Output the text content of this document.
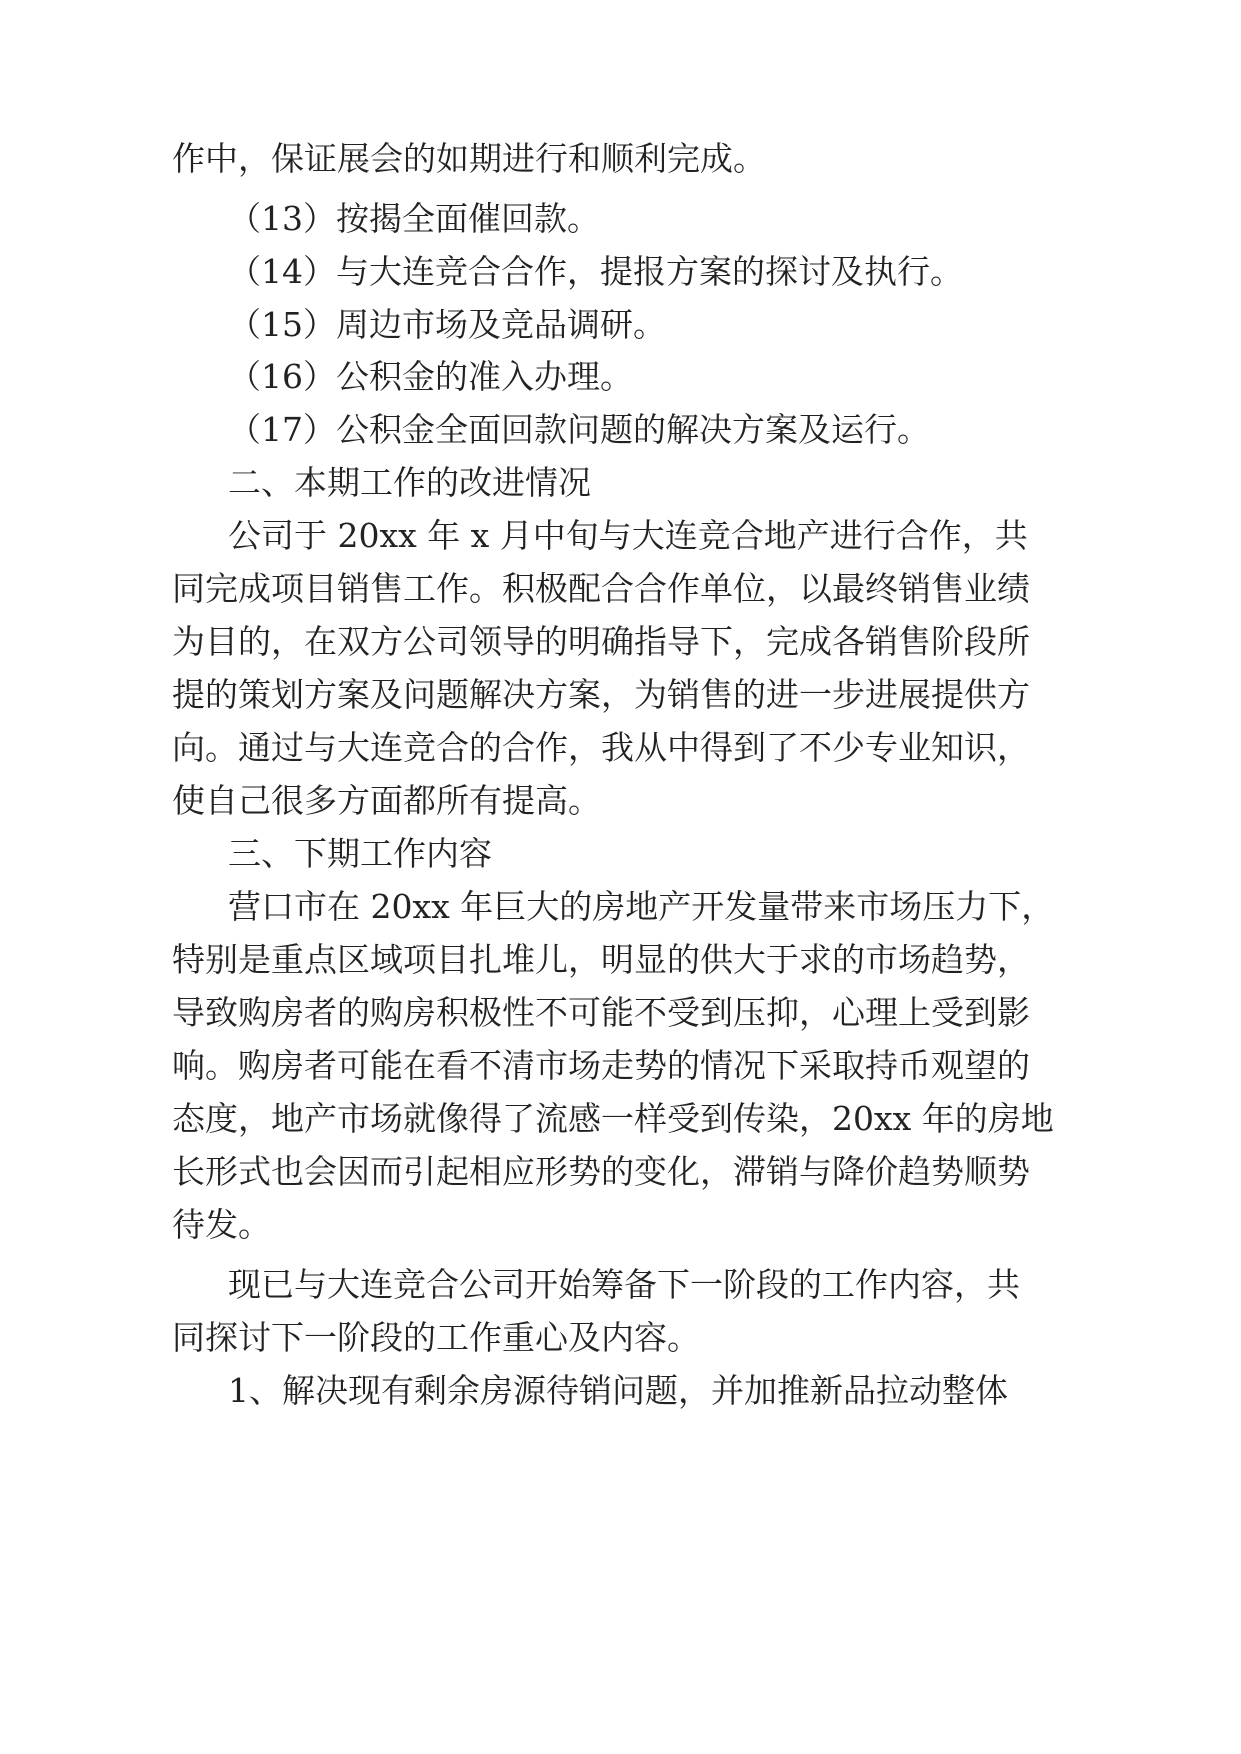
作中，保证展会的如期进行和顺利完成。
（13）按揭全面催回款。
（14）与大连竞合合作，提报方案的探讨及执行。
（15）周边市场及竞品调研。
（16）公积金的准入办理。
（17）公积金全面回款问题的解决方案及运行。
二、本期工作的改进情况
公司于 20xx 年 x 月中旬与大连竞合地产进行合作，共
同完成项目销售工作。积极配合合作单位，以最终销售业绩
为目的，在双方公司领导的明确指导下，完成各销售阶段所
提的策划方案及问题解决方案，为销售的进一步进展提供方
向。通过与大连竞合的合作，我从中得到了不少专业知识，
使自己很多方面都所有提高。
三、下期工作内容
营口市在 20xx 年巨大的房地产开发量带来市场压力下，
特别是重点区域项目扎堆儿，明显的供大于求的市场趋势，
导致购房者的购房积极性不可能不受到压抑，心理上受到影
响。购房者可能在看不清市场走势的情况下采取持币观望的
态度，地产市场就像得了流感一样受到传染，20xx 年的房地
长形式也会因而引起相应形势的变化，滞销与降价趋势顺势
待发。
现已与大连竞合公司开始筹备下一阶段的工作内容，共
同探讨下一阶段的工作重心及内容。
1、解决现有剩余房源待销问题，并加推新品拉动整体
